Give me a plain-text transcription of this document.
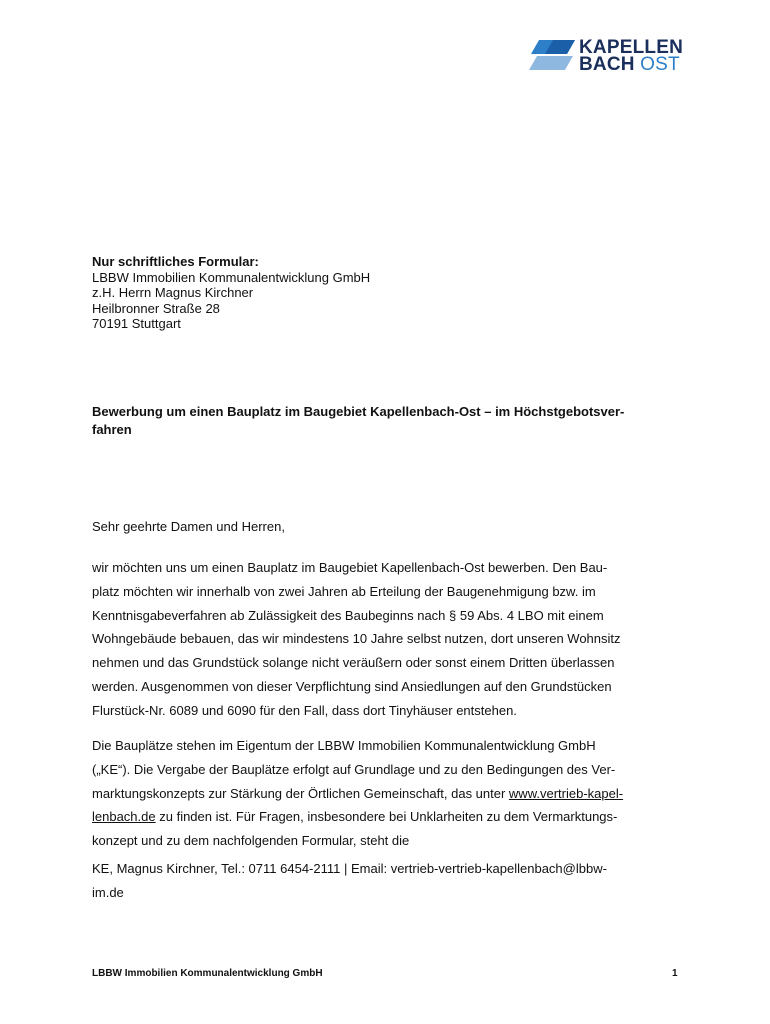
KAPELLEN
BACH OST
Nur schriftliches Formular:
LBBW Immobilien Kommunalentwicklung GmbH
z.H. Herrn Magnus Kirchner
Heilbronner Straße 28
70191 Stuttgart
Bewerbung um einen Bauplatz im Baugebiet Kapellenbach-Ost – im Höchstgebotsver-
fahren
Sehr geehrte Damen und Herren,
wir möchten uns um einen Bauplatz im Baugebiet Kapellenbach-Ost bewerben. Den Bau-
platz möchten wir innerhalb von zwei Jahren ab Erteilung der Baugenehmigung bzw. im
Kenntnisgabeverfahren ab Zulässigkeit des Baubeginns nach § 59 Abs. 4 LBO mit einem
Wohngebäude bebauen, das wir mindestens 10 Jahre selbst nutzen, dort unseren Wohnsitz
nehmen und das Grundstück solange nicht veräußern oder sonst einem Dritten überlassen
werden. Ausgenommen von dieser Verpflichtung sind Ansiedlungen auf den Grundstücken
Flurstück-Nr. 6089 und 6090 für den Fall, dass dort Tinyhäuser entstehen.
Die Bauplätze stehen im Eigentum der LBBW Immobilien Kommunalentwicklung GmbH
(„KE“). Die Vergabe der Bauplätze erfolgt auf Grundlage und zu den Bedingungen des Ver-
marktungskonzepts zur Stärkung der Örtlichen Gemeinschaft, das unter www.vertrieb-kapel-
lenbach.de zu finden ist. Für Fragen, insbesondere bei Unklarheiten zu dem Vermarktungs-
konzept und zu dem nachfolgenden Formular, steht die
KE, Magnus Kirchner, Tel.: 0711 6454-2111 | Email: vertrieb-vertrieb-kapellenbach@lbbw-
im.de
LBBW Immobilien Kommunalentwicklung GmbH	1
